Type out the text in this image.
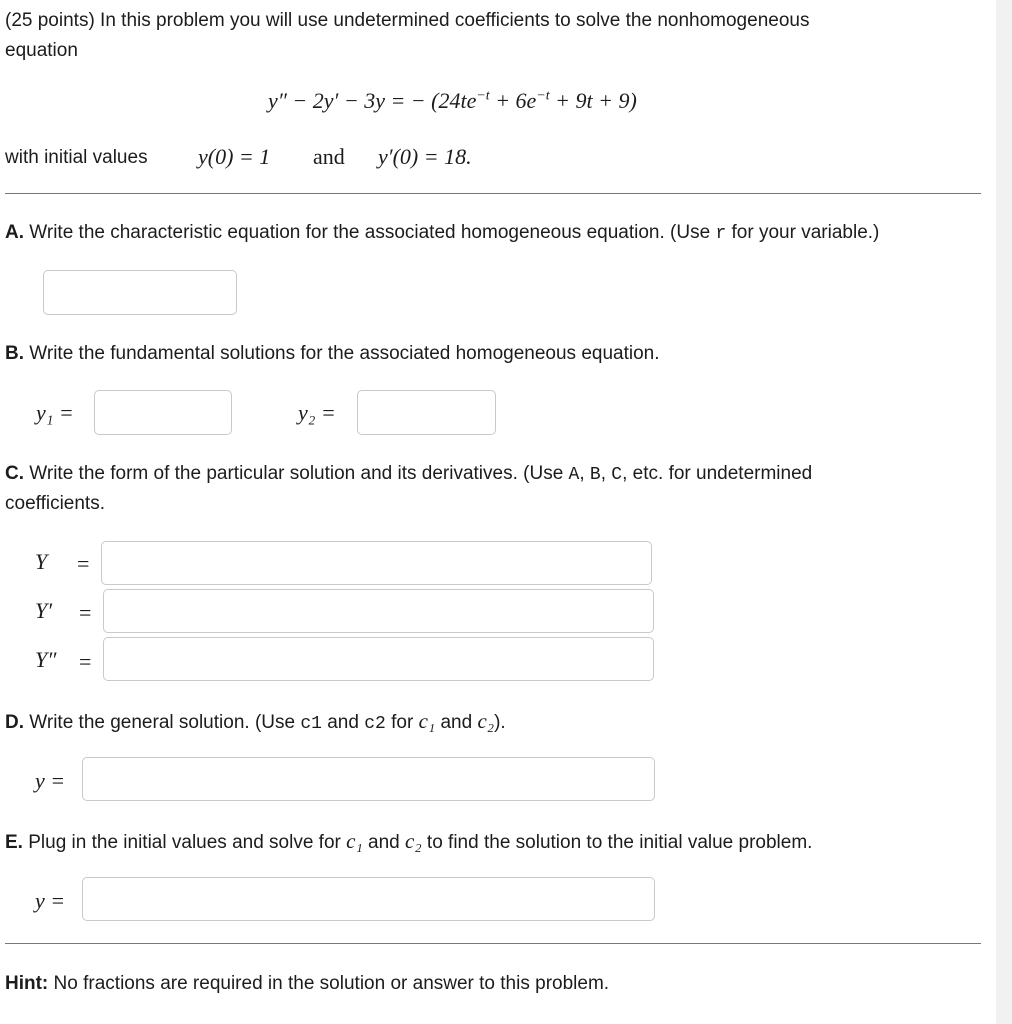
(25 points) In this problem you will use undetermined coefficients to solve the nonhomogeneous
equation
y″ − 2y′ − 3y = − $(24te^{-t} + 6e^{-t} + 9t + 9)$
with initial values y(0) = 1 and y′(0) = 18.
A. Write the characteristic equation for the associated homogeneous equation. (Use r for your variable.)
B. Write the fundamental solutions for the associated homogeneous equation.
y₁ =	y₂ =
C. Write the form of the particular solution and its derivatives. (Use A, B, C, etc. for undetermined
coefficients.
Y =
Y′ =
Y″ =
D. Write the general solution. (Use c1 and c2 for c₁ and c₂).
y =
E. Plug in the initial values and solve for c₁ and c₂ to find the solution to the initial value problem.
y =
Hint: No fractions are required in the solution or answer to this problem.
